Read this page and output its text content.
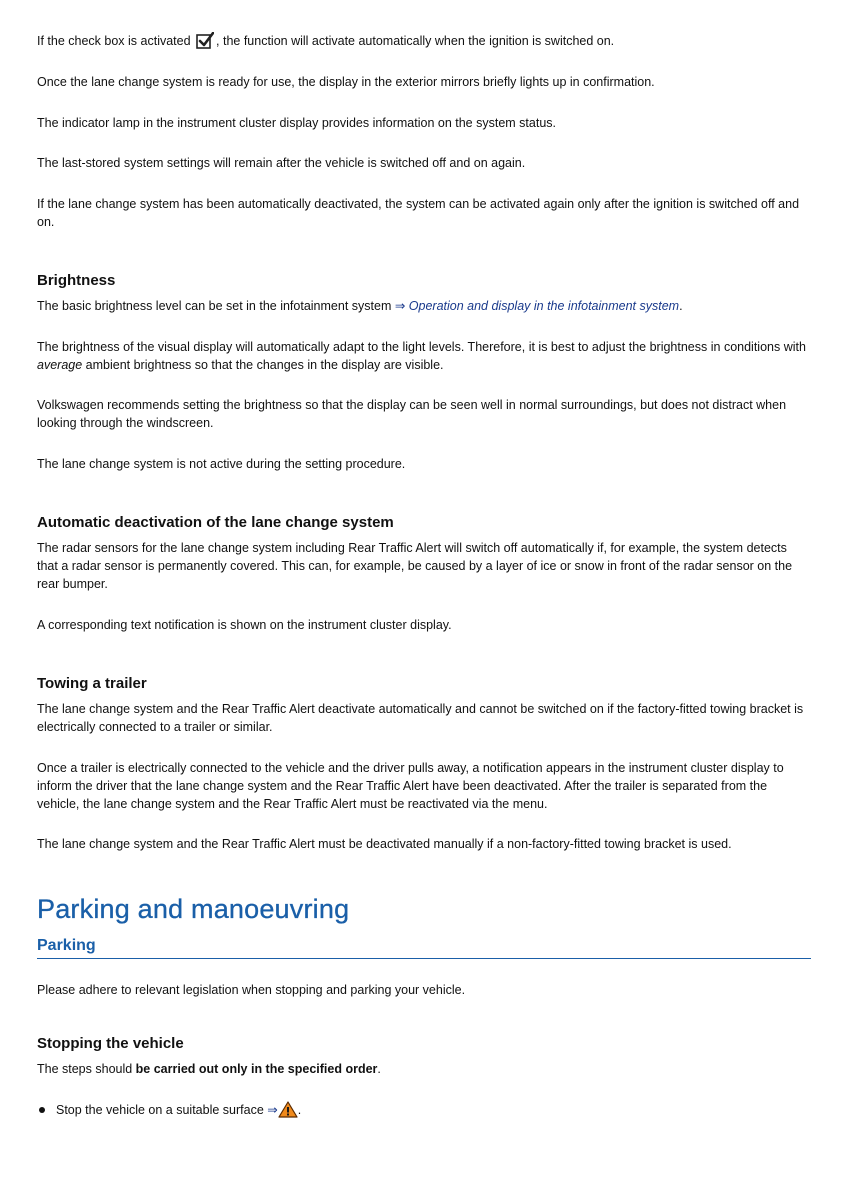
If the check box is activated , the function will activate automatically when the ignition is switched on.

Once the lane change system is ready for use, the display in the exterior mirrors briefly lights up in confirmation.

The indicator lamp in the instrument cluster display provides information on the system status.

The last-stored system settings will remain after the vehicle is switched off and on again.

If the lane change system has been automatically deactivated, the system can be activated again only after the ignition is switched off and on.

Brightness

The basic brightness level can be set in the infotainment system ⇒ Operation and display in the infotainment system.

The brightness of the visual display will automatically adapt to the light levels. Therefore, it is best to adjust the brightness in conditions with average ambient brightness so that the changes in the display are visible.

Volkswagen recommends setting the brightness so that the display can be seen well in normal surroundings, but does not distract when looking through the windscreen.

The lane change system is not active during the setting procedure.

Automatic deactivation of the lane change system

The radar sensors for the lane change system including Rear Traffic Alert will switch off automatically if, for example, the system detects that a radar sensor is permanently covered. This can, for example, be caused by a layer of ice or snow in front of the radar sensor on the rear bumper.

A corresponding text notification is shown on the instrument cluster display.

Towing a trailer

The lane change system and the Rear Traffic Alert deactivate automatically and cannot be switched on if the factory-fitted towing bracket is electrically connected to a trailer or similar.

Once a trailer is electrically connected to the vehicle and the driver pulls away, a notification appears in the instrument cluster display to inform the driver that the lane change system and the Rear Traffic Alert have been deactivated. After the trailer is separated from the vehicle, the lane change system and the Rear Traffic Alert must be reactivated via the menu.

The lane change system and the Rear Traffic Alert must be deactivated manually if a non-factory-fitted towing bracket is used.

Parking and manoeuvring
Parking

Please adhere to relevant legislation when stopping and parking your vehicle.

Stopping the vehicle

The steps should be carried out only in the specified order.

Stop the vehicle on a suitable surface ⇒ .
